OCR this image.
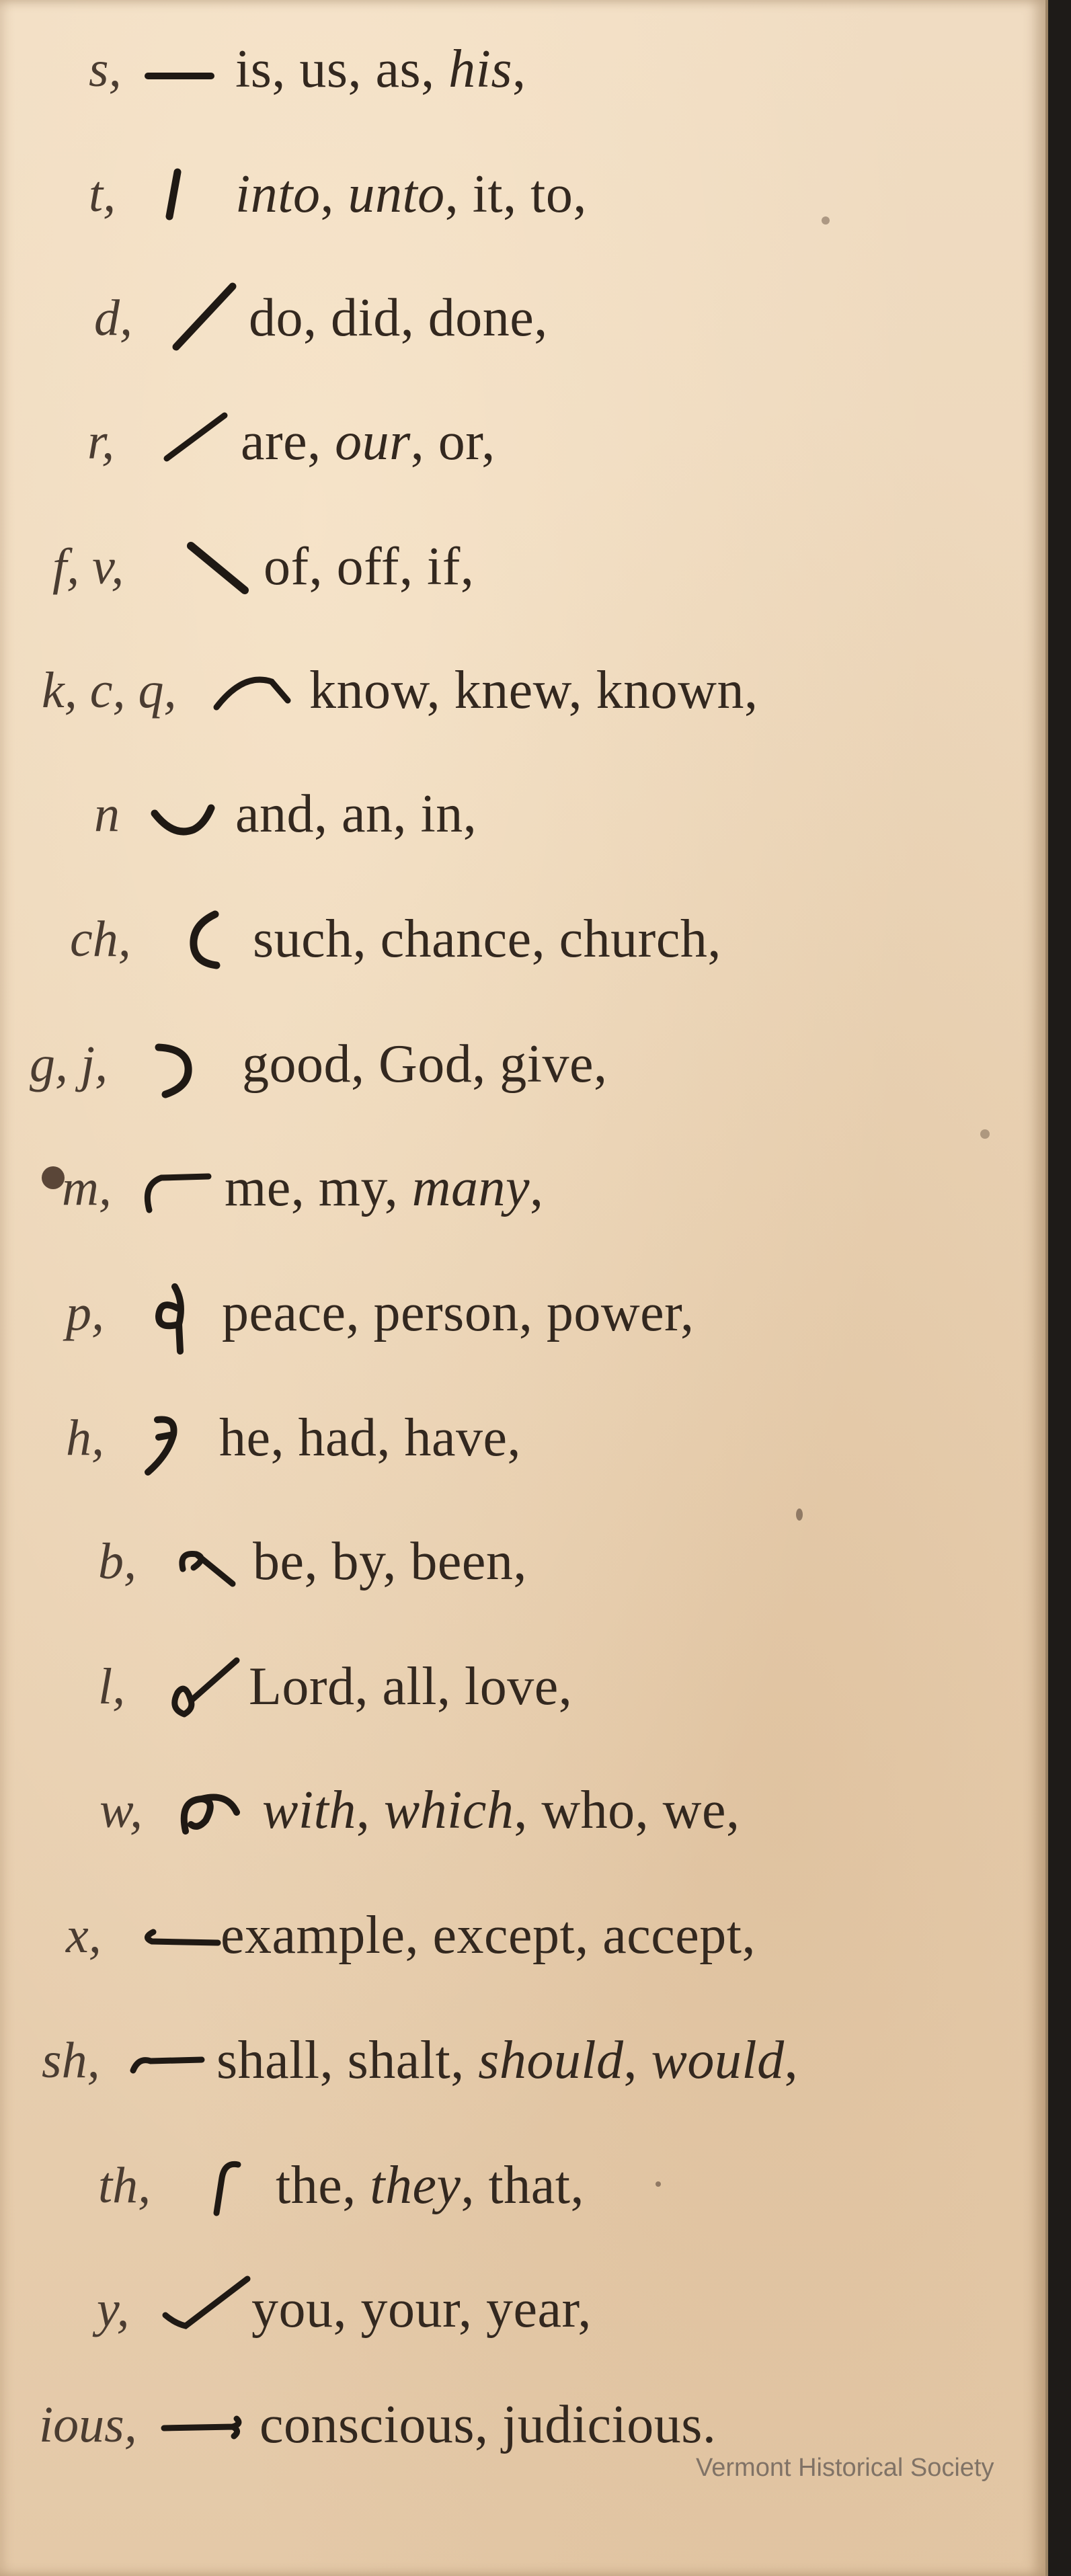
s, is, us, as, his,
t, into, unto, it, to,
d, do, did, done,
r, are, our, or,
f, v,	of, off, if,
k, c, q, know, knew, known,
n and, an, in,
ch, such, chance, church,
g, j, good, God, give,
m, me, my, many,
p, peace, person, power,
h, he, had, have,
b, be, by, been,
l, Lord, all, love,
w, with, which, who, we,
x, example, except, accept,
sh, shall, shalt, should, would,
th, the, they, that,
y, you, your, year,
ious, conscious, judicious.
Vermont Historical Society
